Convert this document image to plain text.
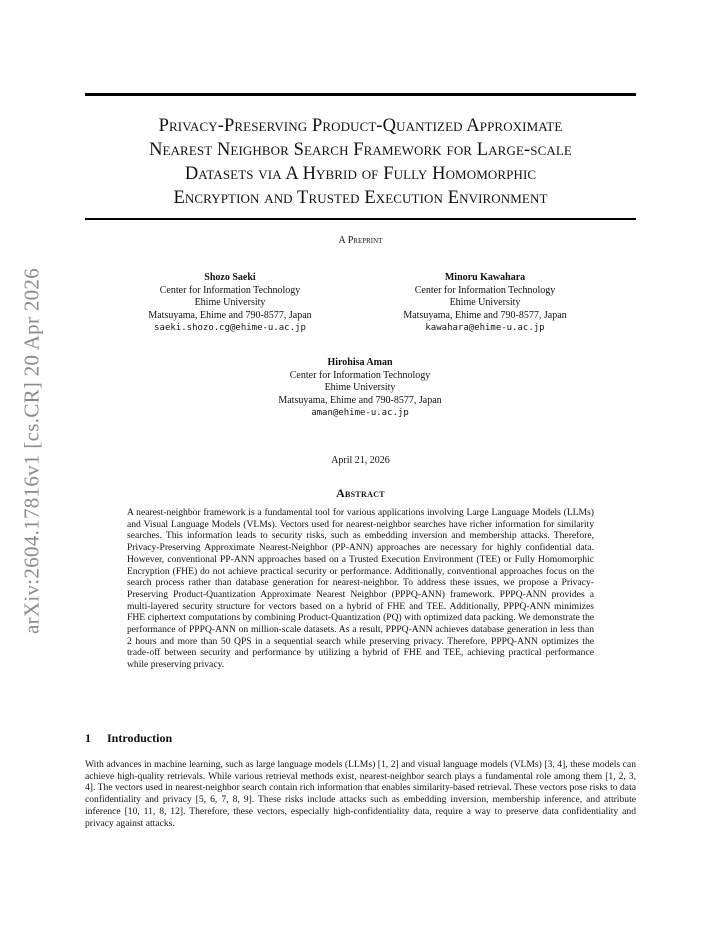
arXiv:2604.17816v1 [cs.CR] 20 Apr 2026
Privacy-Preserving Product-Quantized Approximate
Nearest Neighbor Search Framework for Large-scale
Datasets via A Hybrid of Fully Homomorphic
Encryption and Trusted Execution Environment
A Preprint
Shozo Saeki
Center for Information Technology
Ehime University
Matsuyama, Ehime and 790-8577, Japan
saeki.shozo.cg@ehime-u.ac.jp
Minoru Kawahara
Center for Information Technology
Ehime University
Matsuyama, Ehime and 790-8577, Japan
kawahara@ehime-u.ac.jp
Hirohisa Aman
Center for Information Technology
Ehime University
Matsuyama, Ehime and 790-8577, Japan
aman@ehime-u.ac.jp
April 21, 2026
Abstract
A nearest-neighbor framework is a fundamental tool for various applications involving Large Language Models (LLMs) and Visual Language Models (VLMs). Vectors used for nearest-neighbor searches have richer information for similarity searches. This information leads to security risks, such as embedding inversion and membership attacks. Therefore, Privacy-Preserving Approximate Nearest-Neighbor (PP-ANN) approaches are necessary for highly confidential data. However, conventional PP-ANN approaches based on a Trusted Execution Environment (TEE) or Fully Homomorphic Encryption (FHE) do not achieve practical security or performance. Additionally, conventional approaches focus on the search process rather than database generation for nearest-neighbor. To address these issues, we propose a Privacy-Preserving Product-Quantization Approximate Nearest Neighbor (PPPQ-ANN) framework. PPPQ-ANN provides a multi-layered security structure for vectors based on a hybrid of FHE and TEE. Additionally, PPPQ-ANN minimizes FHE ciphertext computations by combining Product-Quantization (PQ) with optimized data packing. We demonstrate the performance of PPPQ-ANN on million-scale datasets. As a result, PPPQ-ANN achieves database generation in less than 2 hours and more than 50 QPS in a sequential search while preserving privacy. Therefore, PPPQ-ANN optimizes the trade-off between security and performance by utilizing a hybrid of FHE and TEE, achieving practical performance while preserving privacy.
1 Introduction
With advances in machine learning, such as large language models (LLMs) [1, 2] and visual language models (VLMs) [3, 4], these models can achieve high-quality retrievals. While various retrieval methods exist, nearest-neighbor search plays a fundamental role among them [1, 2, 3, 4]. The vectors used in nearest-neighbor search contain rich information that enables similarity-based retrieval. These vectors pose risks to data confidentiality and privacy [5, 6, 7, 8, 9]. These risks include attacks such as embedding inversion, membership inference, and attribute inference [10, 11, 8, 12]. Therefore, these vectors, especially high-confidentiality data, require a way to preserve data confidentiality and privacy against attacks.
